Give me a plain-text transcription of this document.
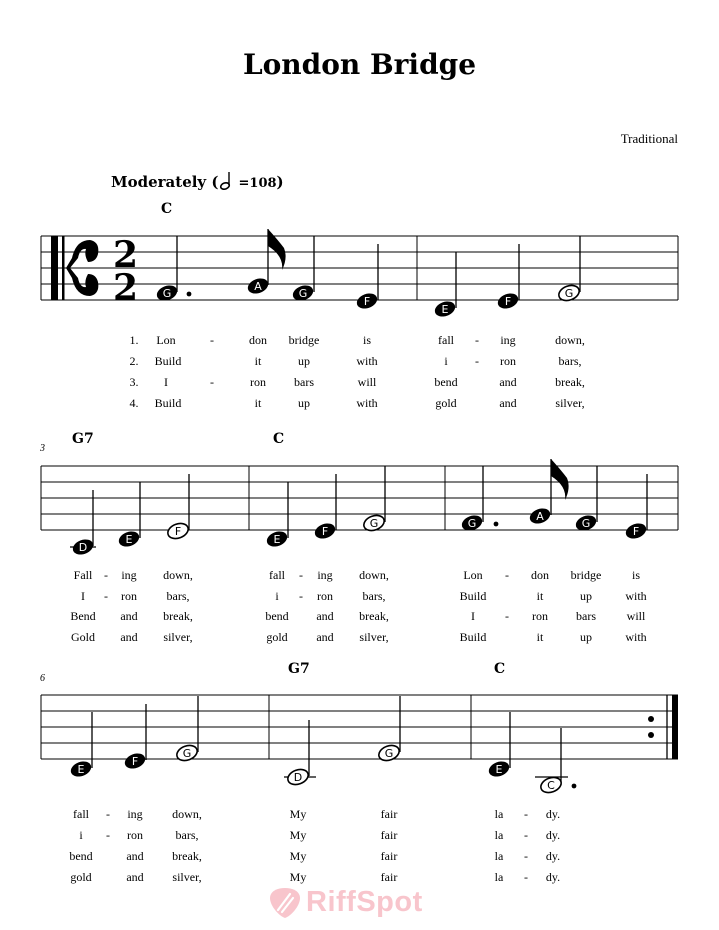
London Bridge
Traditional
Moderately ( =108)
C
G7	C
G7	C
3
6
2
2 G
A
G
F
E
F
G
D
E
F
E
F
G	G
A
G
F
E
F
G
D
G
E
C
1.
2.
3.
4.
Lon	-	don bridge	is	fall - ing	down,
Build	it	up	with	i - ron	bars,
I	-	ron bars	will	bend	and	break,
Build	it	up	with	gold	and	silver,
Fall - ing down,	fall - ing down,	Lon - don bridge	is
I - ron bars,	i - ron bars,	Build	it	up	with
Bend and break,	bend and break,	I	- ron bars	will
Gold and silver,	gold and silver,	Build	it	up	with
fall - ing down,	My	fair	la - dy.
i - ron	bars,	My	fair	la - dy.
bend	and break,	My	fair	la - dy.
gold	and silver,	My	fair	la - dy.
RiffSpot
